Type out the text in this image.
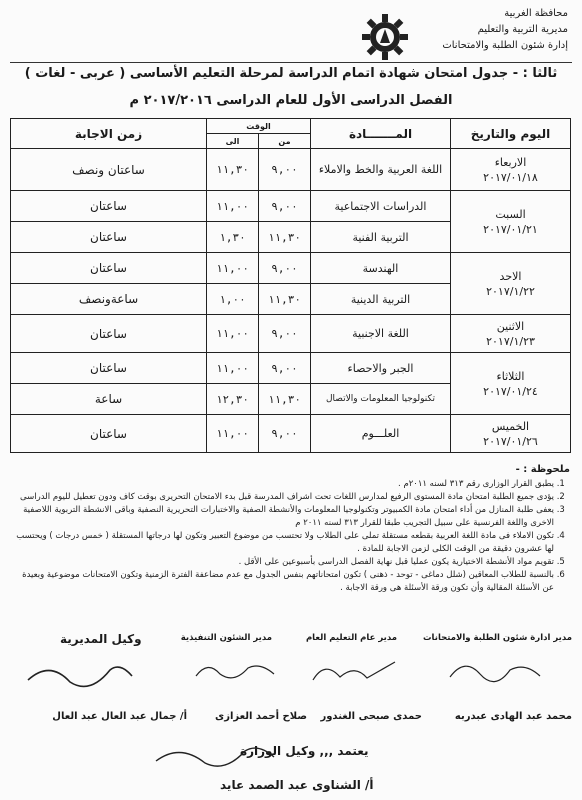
محافظة الغربية
مديرية التربية والتعليم
إدارة شئون الطلبة والامتحانات
ثالثا : - جدول امتحان شهادة اتمام الدراسة لمرحلة التعليم الأساسى ( عربى - لغات )
الفصل الدراسى الأول للعام الدراسى ٢٠١٧/٢٠١٦ م
اليوم والتاريخ	المـــــــادة	الوقت		زمن الاجابة
		من	الى	

الاربعاء
٢٠١٧/٠١/١٨	اللغة العربية والخط والاملاء	٩,٠٠	١١,٣٠	ساعتان ونصف

السبت
٢٠١٧/٠١/٢١	الدراسات الاجتماعية	٩,٠٠	١١,٠٠	ساعتان
	التربية الفنية	١١,٣٠	١,٣٠	ساعتان

الاحد
٢٠١٧/١/٢٢	الهندسة	٩,٠٠	١١,٠٠	ساعتان
	التربية الدينية	١١,٣٠	١,٠٠	ساعةونصف

الاثنين
٢٠١٧/١/٢٣	اللغة الاجنبية	٩,٠٠	١١,٠٠	ساعتان

الثلاثاء
٢٠١٧/٠١/٢٤	الجبر والاحصاء	٩,٠٠	١١,٠٠	ساعتان
	تكنولوجيا المعلومات والاتصال	١١,٣٠	١٢,٣٠	ساعة

الخميس
٢٠١٧/٠١/٢٦	العلـــوم	٩,٠٠	١١,٠٠	ساعتان
ملحوظة : -
1. يطبق القرار الوزارى رقم ٣١٣ لسنه ٢٠١١م .
2. يؤدى جميع الطلبة امتحان مادة المستوى الرفيع لمدارس اللغات تحت اشراف المدرسة قبل بدء الامتحان التحريرى بوقت كاف ودون تعطيل لليوم الدراسى
3. يعفى طلبة المنازل من أداء امتحان مادة الكمبيوتر وتكنولوجيا المعلومات والأنشطة الصفية والاختبارات التحريرية النصفية وباقى الانشطة التربوية اللاصفية الاخرى واللغة الفرنسية على سبيل التجريب طبقا للقرار ٣١٣ لسنه ٢٠١١ م
4. تكون الاملاء فى مادة اللغة العربية بقطعه مستقلة تملى على الطلاب ولا تحتسب من موضوع التعبير وتكون لها درجاتها المستقلة ( خمس درجات ) ويحتسب لها عشرون دقيقة من الوقت الكلى لزمن الاجابة للمادة .
5. تقويم مواد الأنشطة الاختيارية يكون عمليا قبل نهاية الفصل الدراسى بأسبوعين على الأقل .
6. بالنسبة للطلاب المعاقين (شلل دماغى - توحد - ذهنى ) تكون امتحاناتهم بنفس الجدول مع عدم مضاعفة الفترة الزمنية وتكون الامتحانات موضوعية وبعيدة عن الأسئلة المقالية وأن تكون ورقة الأسئلة هى ورقة الاجابة .
مدير ادارة شئون الطلبة والامتحانات
مدير عام التعليم العام
مدير الشئون التنفيذية
وكيل المديرية
محمد عبد الهادى عبدربه
حمدى صبحى الغندور
صلاح أحمد العزازى
أ/ جمال عبد العال عبد العال
يعتمد ,,, وكيل الوزارة
أ/ الشناوى عبد الصمد عايد
